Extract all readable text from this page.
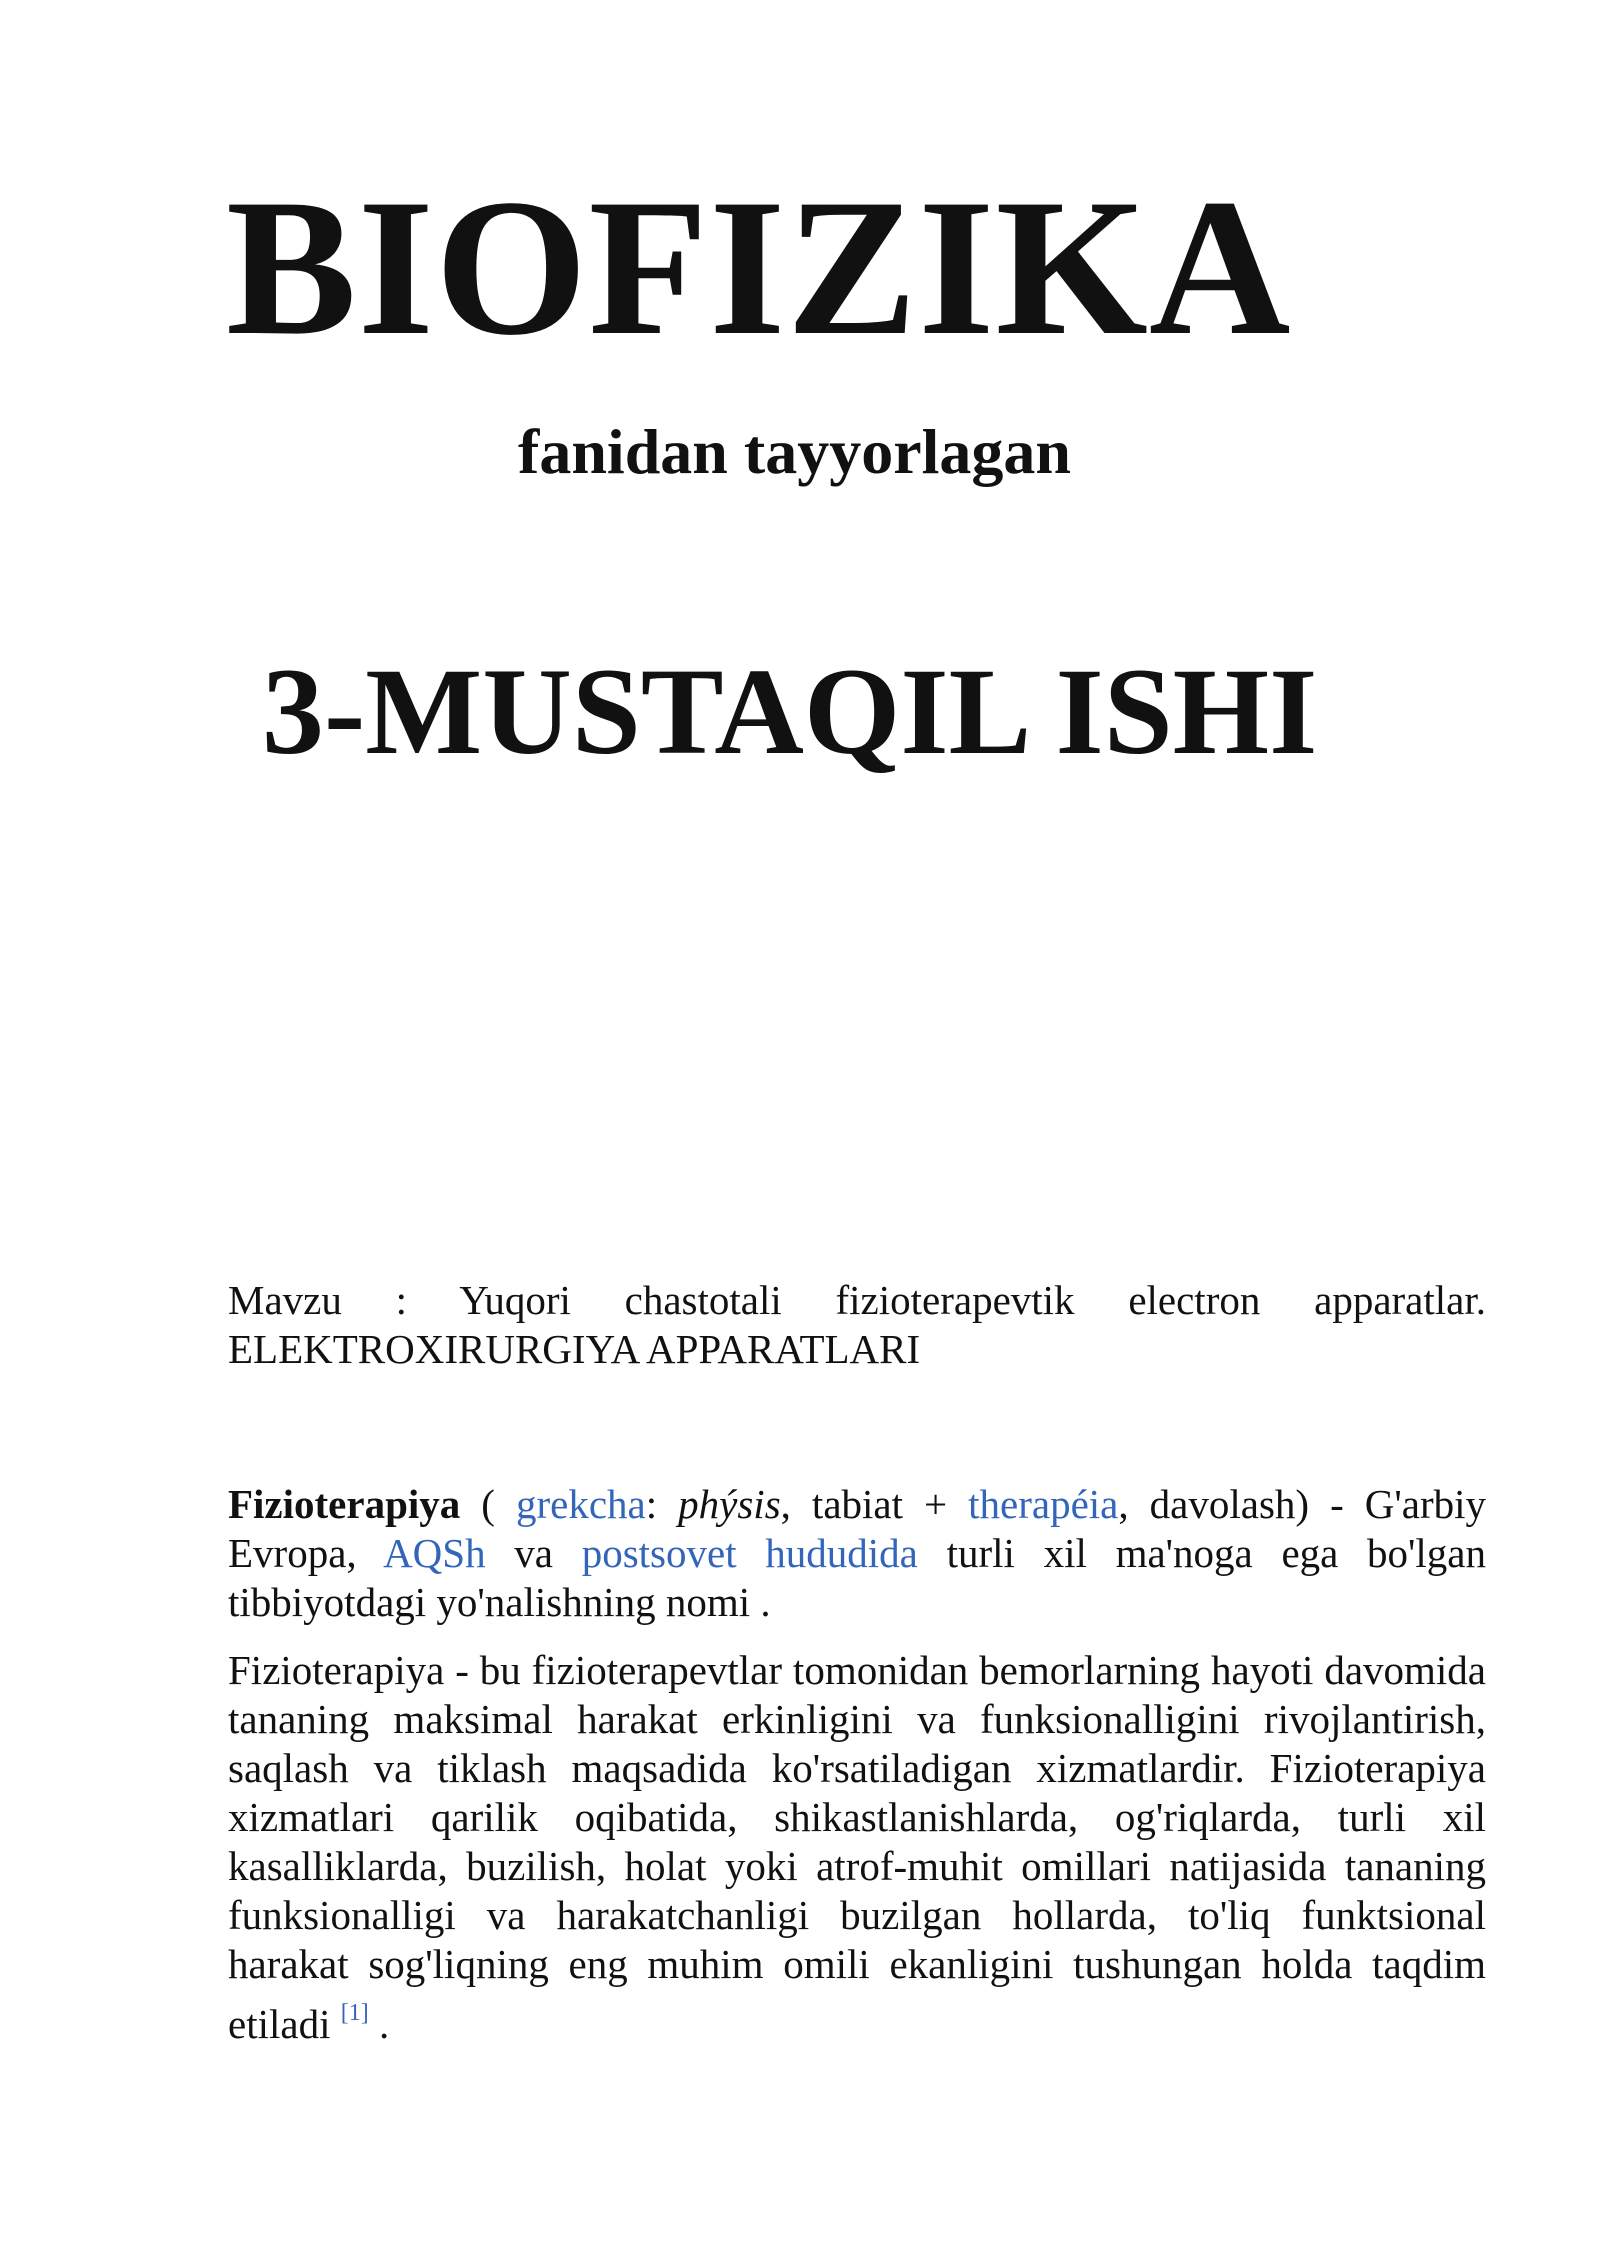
BIOFIZIKA
fanidan tayyorlagan
3-MUSTAQIL ISHI

Mavzu : Yuqori chastotali fizioterapevtik electron apparatlar. ELEKTROXIRURGIYA APPARATLARI

Fizioterapiya ( grekcha: phýsis, tabiat + therapéia, davolash) - G'arbiy Evropa, AQSh va postsovet hududida turli xil ma'noga ega bo'lgan tibbiyotdagi yo'nalishning nomi .

Fizioterapiya - bu fizioterapevtlar tomonidan bemorlarning hayoti davomida tananing maksimal harakat erkinligini va funksionalligini rivojlantirish, saqlash va tiklash maqsadida ko'rsatiladigan xizmatlardir. Fizioterapiya xizmatlari qarilik oqibatida, shikastlanishlarda, og'riqlarda, turli xil kasalliklarda, buzilish, holat yoki atrof-muhit omillari natijasida tananing funksionalligi va harakatchanligi buzilgan hollarda, to'liq funktsional harakat sog'liqning eng muhim omili ekanligini tushungan holda taqdim etiladi [1] .
